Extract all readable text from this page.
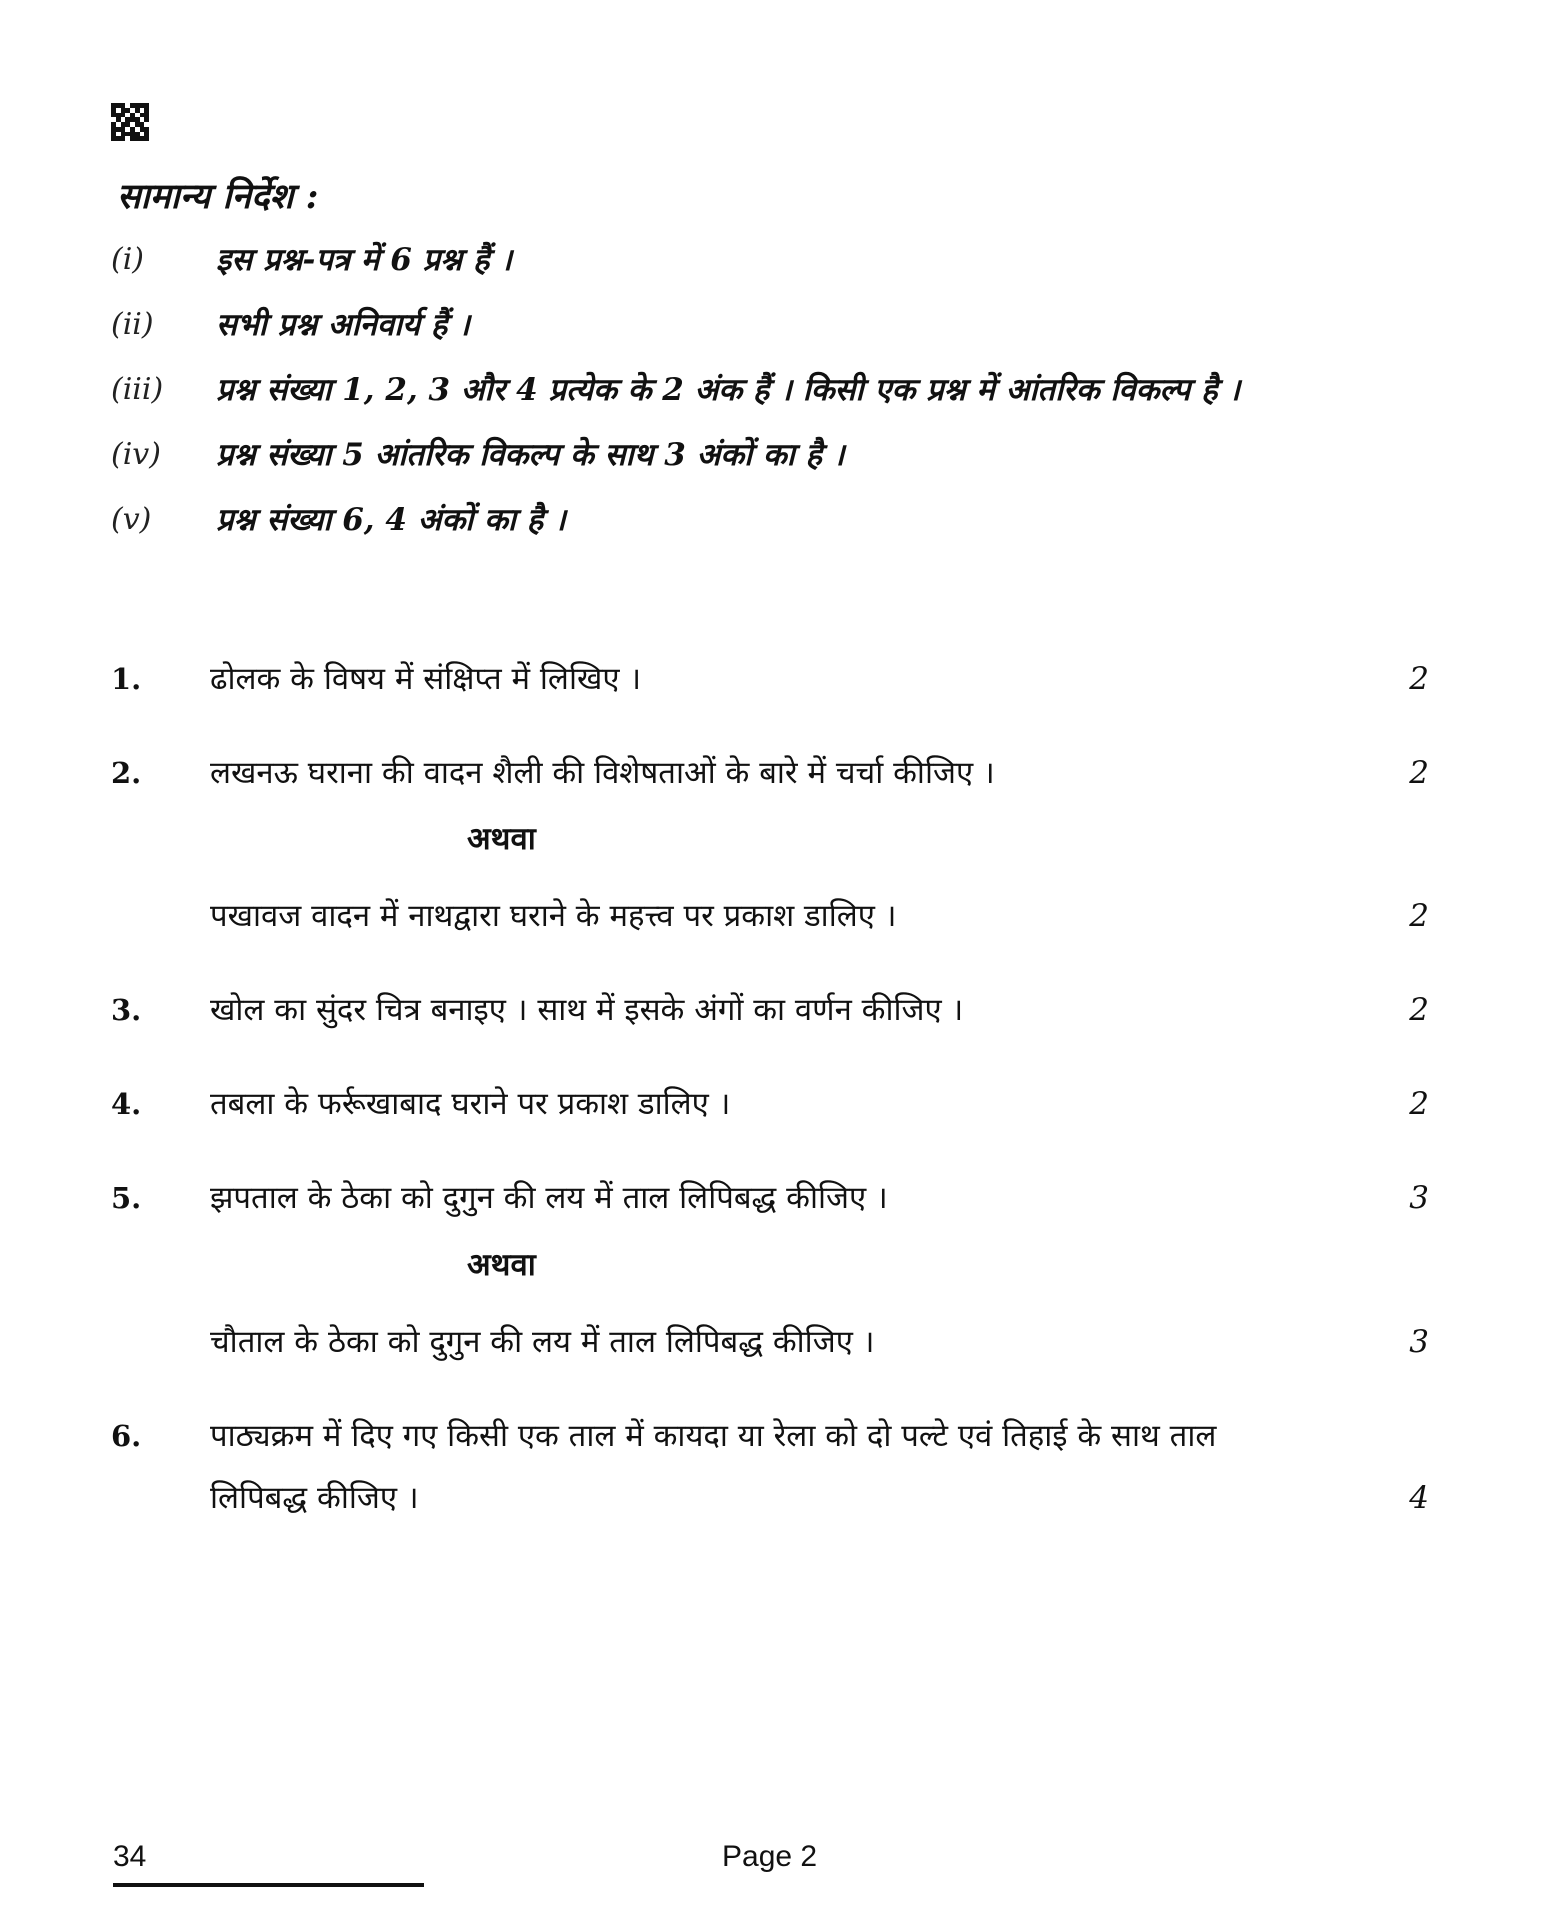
सामान्य निर्देश :
(i)	इस प्रश्न-पत्र में 6 प्रश्न हैं ।
(ii)	सभी प्रश्न अनिवार्य हैं ।
(iii)	प्रश्न संख्या 1, 2, 3 और 4 प्रत्येक के 2 अंक हैं । किसी एक प्रश्न में आंतरिक विकल्प है ।
(iv)	प्रश्न संख्या 5 आंतरिक विकल्प के साथ 3 अंकों का है ।
(v)	प्रश्न संख्या 6, 4 अंकों का है ।
1.	ढोलक के विषय में संक्षिप्त में लिखिए ।	2
2.	लखनऊ घराना की वादन शैली की विशेषताओं के बारे में चर्चा कीजिए ।	2
अथवा
पखावज वादन में नाथद्वारा घराने के महत्त्व पर प्रकाश डालिए ।	2
3.	खोल का सुंदर चित्र बनाइए । साथ में इसके अंगों का वर्णन कीजिए ।	2
4.	तबला के फर्रूखाबाद घराने पर प्रकाश डालिए ।	2
5.	झपताल के ठेका को दुगुन की लय में ताल लिपिबद्ध कीजिए ।	3
अथवा
चौताल के ठेका को दुगुन की लय में ताल लिपिबद्ध कीजिए ।	3
6.	पाठ्यक्रम में दिए गए किसी एक ताल में कायदा या रेला को दो पल्टे एवं तिहाई के साथ ताल
लिपिबद्ध कीजिए ।	4
34	Page 2
